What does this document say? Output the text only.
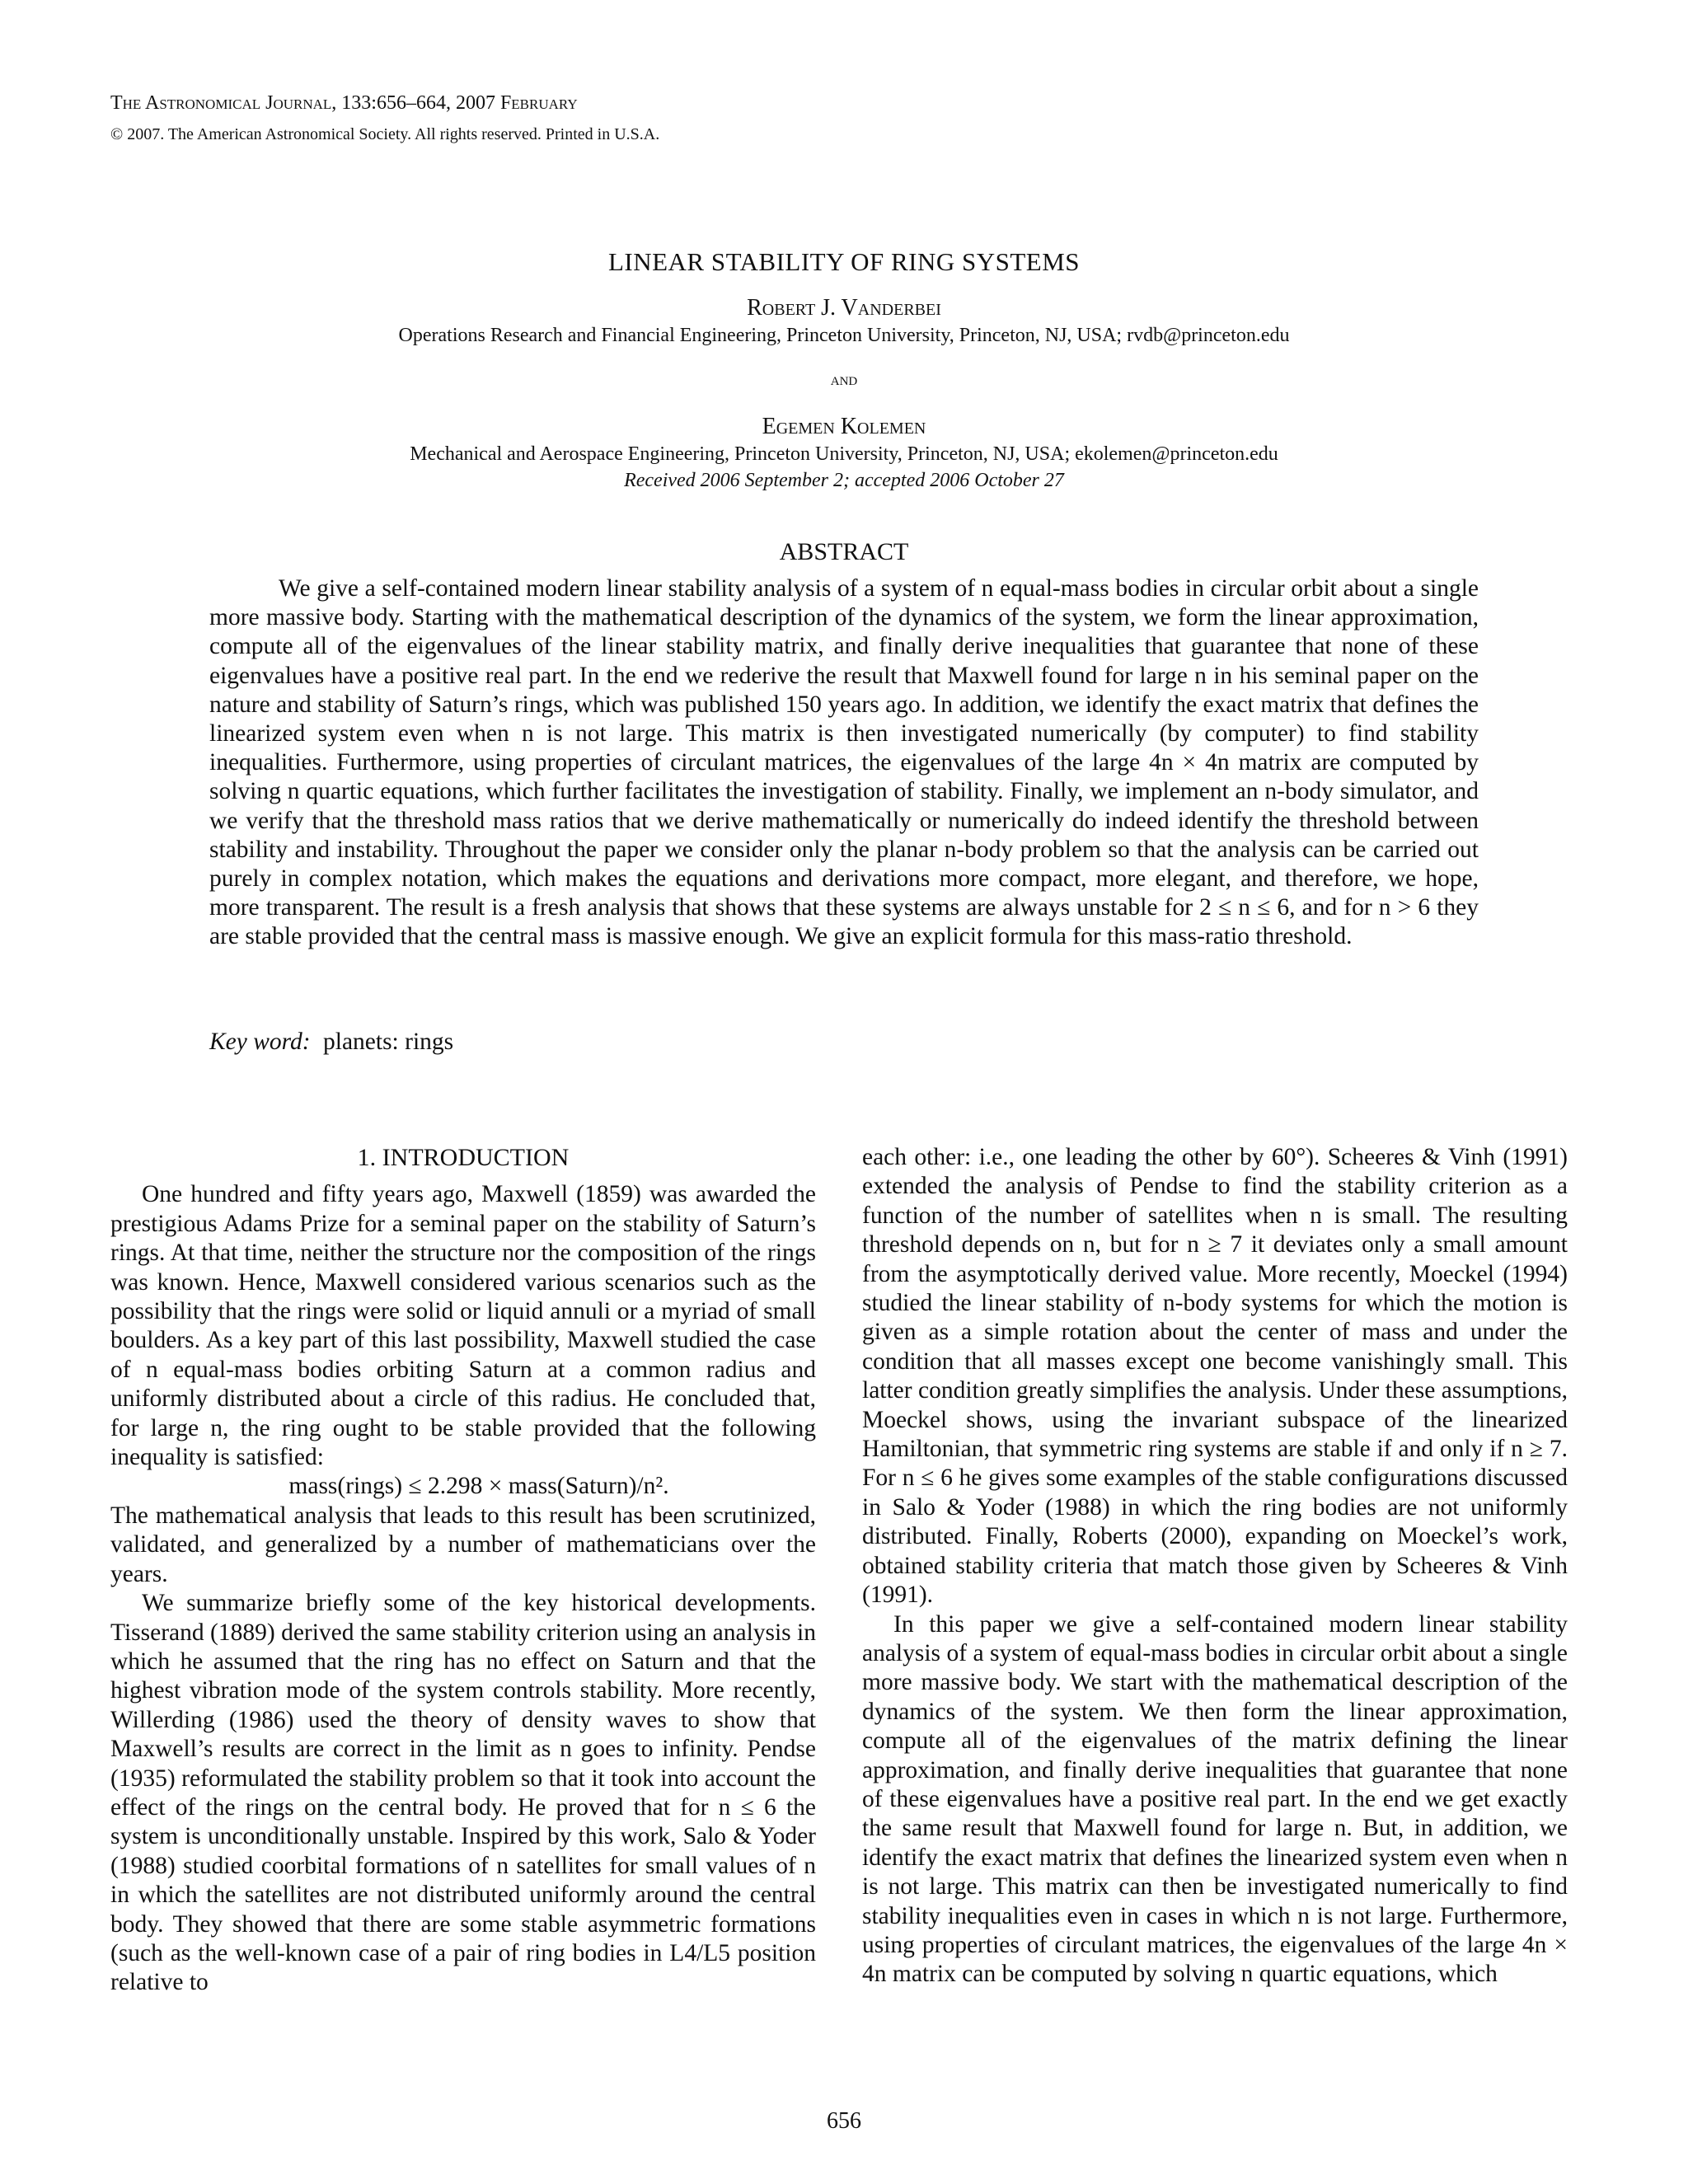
The Astronomical Journal, 133:656–664, 2007 February
© 2007. The American Astronomical Society. All rights reserved. Printed in U.S.A.
LINEAR STABILITY OF RING SYSTEMS
Robert J. Vanderbei
Operations Research and Financial Engineering, Princeton University, Princeton, NJ, USA; rvdb@princeton.edu
and
Egemen Kolemen
Mechanical and Aerospace Engineering, Princeton University, Princeton, NJ, USA; ekolemen@princeton.edu
Received 2006 September 2; accepted 2006 October 27
ABSTRACT

We give a self-contained modern linear stability analysis of a system of n equal-mass bodies in circular orbit about a single more massive body. Starting with the mathematical description of the dynamics of the system, we form the linear approximation, compute all of the eigenvalues of the linear stability matrix, and finally derive inequalities that guarantee that none of these eigenvalues have a positive real part. In the end we rederive the result that Maxwell found for large n in his seminal paper on the nature and stability of Saturn’s rings, which was published 150 years ago. In addition, we identify the exact matrix that defines the linearized system even when n is not large. This matrix is then investigated numerically (by computer) to find stability inequalities. Furthermore, using properties of circulant matrices, the eigenvalues of the large 4n × 4n matrix are computed by solving n quartic equations, which further facilitates the investigation of stability. Finally, we implement an n-body simulator, and we verify that the threshold mass ratios that we derive mathematically or numerically do indeed identify the threshold between stability and instability. Throughout the paper we consider only the planar n-body problem so that the analysis can be carried out purely in complex notation, which makes the equations and derivations more compact, more elegant, and therefore, we hope, more transparent. The result is a fresh analysis that shows that these systems are always unstable for 2 ≤ n ≤ 6, and for n > 6 they are stable provided that the central mass is massive enough. We give an explicit formula for this mass-ratio threshold.

Key word: planets: rings
1. INTRODUCTION

One hundred and fifty years ago, Maxwell (1859) was awarded the prestigious Adams Prize for a seminal paper on the stability of Saturn’s rings. At that time, neither the structure nor the composition of the rings was known. Hence, Maxwell considered various scenarios such as the possibility that the rings were solid or liquid annuli or a myriad of small boulders. As a key part of this last possibility, Maxwell studied the case of n equal-mass bodies orbiting Saturn at a common radius and uniformly distributed about a circle of this radius. He concluded that, for large n, the ring ought to be stable provided that the following inequality is satisfied:

mass(rings) ≤ 2.298 × mass(Saturn)/n².

The mathematical analysis that leads to this result has been scrutinized, validated, and generalized by a number of mathematicians over the years.

We summarize briefly some of the key historical developments. Tisserand (1889) derived the same stability criterion using an analysis in which he assumed that the ring has no effect on Saturn and that the highest vibration mode of the system controls stability. More recently, Willerding (1986) used the theory of density waves to show that Maxwell’s results are correct in the limit as n goes to infinity. Pendse (1935) reformulated the stability problem so that it took into account the effect of the rings on the central body. He proved that for n ≤ 6 the system is unconditionally unstable. Inspired by this work, Salo & Yoder (1988) studied coorbital formations of n satellites for small values of n in which the satellites are not distributed uniformly around the central body. They showed that there are some stable asymmetric formations (such as the well-known case of a pair of ring bodies in L4/L5 position relative to

each other: i.e., one leading the other by 60°). Scheeres & Vinh (1991) extended the analysis of Pendse to find the stability criterion as a function of the number of satellites when n is small. The resulting threshold depends on n, but for n ≥ 7 it deviates only a small amount from the asymptotically derived value. More recently, Moeckel (1994) studied the linear stability of n-body systems for which the motion is given as a simple rotation about the center of mass and under the condition that all masses except one become vanishingly small. This latter condition greatly simplifies the analysis. Under these assumptions, Moeckel shows, using the invariant subspace of the linearized Hamiltonian, that symmetric ring systems are stable if and only if n ≥ 7. For n ≤ 6 he gives some examples of the stable configurations discussed in Salo & Yoder (1988) in which the ring bodies are not uniformly distributed. Finally, Roberts (2000), expanding on Moeckel’s work, obtained stability criteria that match those given by Scheeres & Vinh (1991).

In this paper we give a self-contained modern linear stability analysis of a system of equal-mass bodies in circular orbit about a single more massive body. We start with the mathematical description of the dynamics of the system. We then form the linear approximation, compute all of the eigenvalues of the matrix defining the linear approximation, and finally derive inequalities that guarantee that none of these eigenvalues have a positive real part. In the end we get exactly the same result that Maxwell found for large n. But, in addition, we identify the exact matrix that defines the linearized system even when n is not large. This matrix can then be investigated numerically to find stability inequalities even in cases in which n is not large. Furthermore, using properties of circulant matrices, the eigenvalues of the large 4n × 4n matrix can be computed by solving n quartic equations, which

656
